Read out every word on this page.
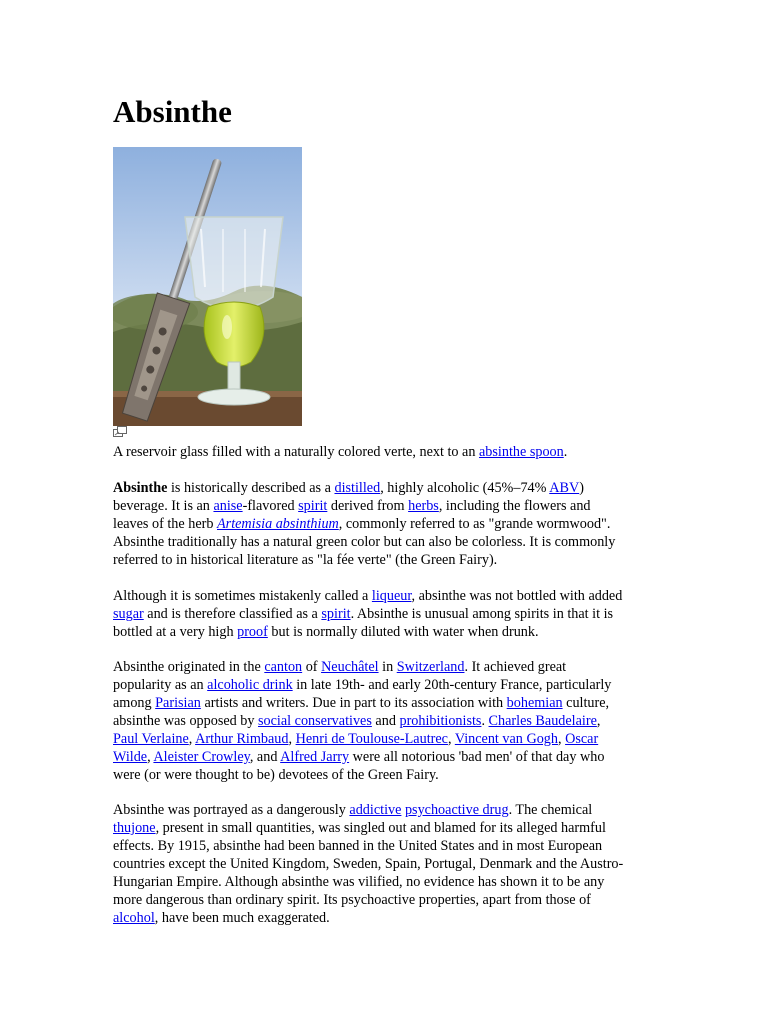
Absinthe
A reservoir glass filled with a naturally colored verte, next to an absinthe spoon.
Absinthe is historically described as a distilled, highly alcoholic (45%–74% ABV)
beverage. It is an anise-flavored spirit derived from herbs, including the flowers and
leaves of the herb Artemisia absinthium, commonly referred to as "grande wormwood".
Absinthe traditionally has a natural green color but can also be colorless. It is commonly
referred to in historical literature as "la fée verte" (the Green Fairy).
Although it is sometimes mistakenly called a liqueur, absinthe was not bottled with added
sugar and is therefore classified as a spirit. Absinthe is unusual among spirits in that it is
bottled at a very high proof but is normally diluted with water when drunk.
Absinthe originated in the canton of Neuchâtel in Switzerland. It achieved great
popularity as an alcoholic drink in late 19th- and early 20th-century France, particularly
among Parisian artists and writers. Due in part to its association with bohemian culture,
absinthe was opposed by social conservatives and prohibitionists. Charles Baudelaire,
Paul Verlaine, Arthur Rimbaud, Henri de Toulouse-Lautrec, Vincent van Gogh, Oscar
Wilde, Aleister Crowley, and Alfred Jarry were all notorious 'bad men' of that day who
were (or were thought to be) devotees of the Green Fairy.
Absinthe was portrayed as a dangerously addictive psychoactive drug. The chemical
thujone, present in small quantities, was singled out and blamed for its alleged harmful
effects. By 1915, absinthe had been banned in the United States and in most European
countries except the United Kingdom, Sweden, Spain, Portugal, Denmark and the Austro-
Hungarian Empire. Although absinthe was vilified, no evidence has shown it to be any
more dangerous than ordinary spirit. Its psychoactive properties, apart from those of
alcohol, have been much exaggerated.
